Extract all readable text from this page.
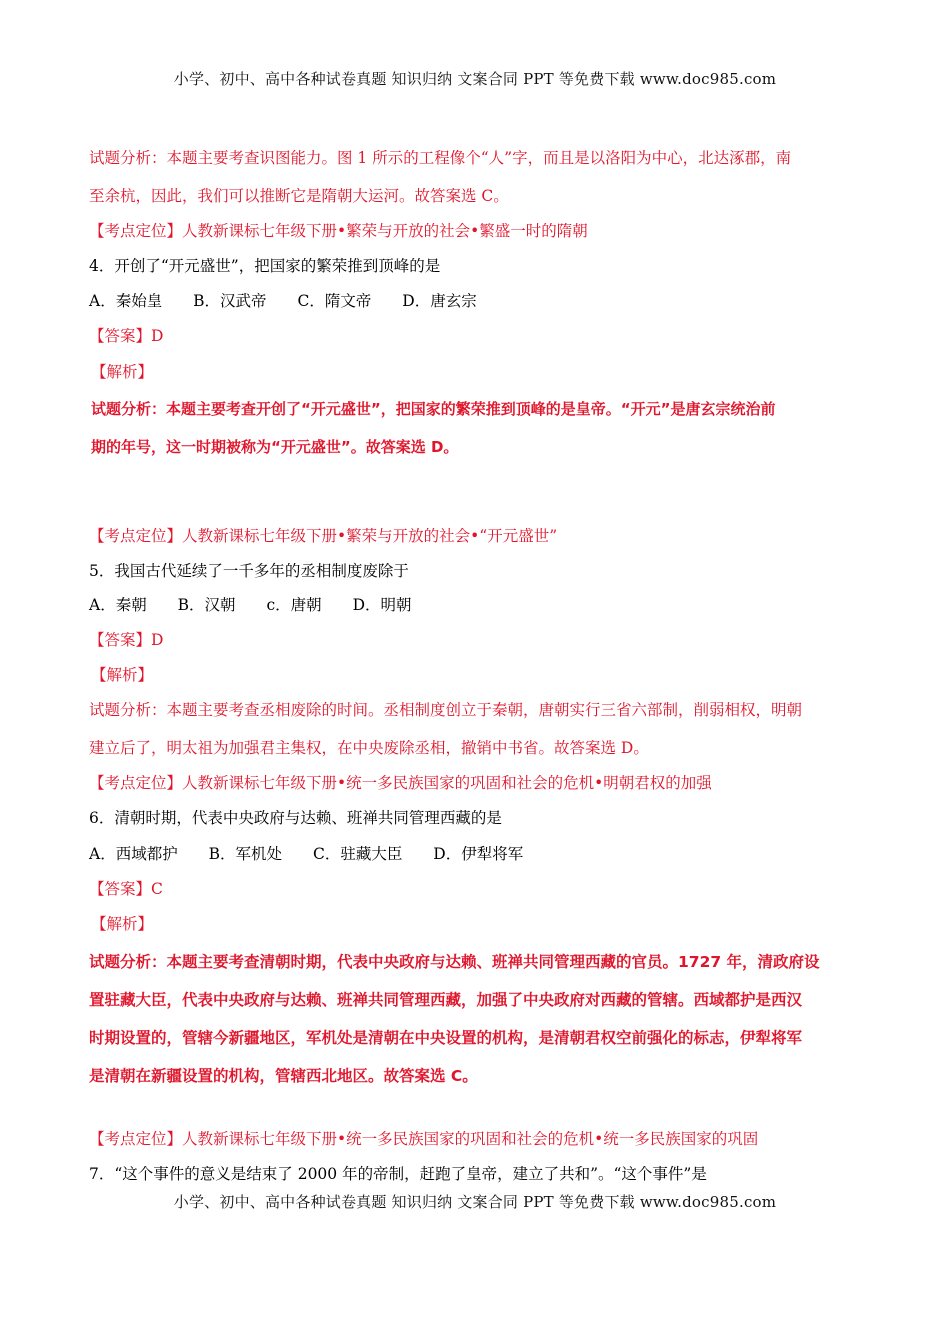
小学、初中、高中各种试卷真题 知识归纳 文案合同 PPT 等免费下载 www.doc985.com
试题分析：本题主要考查识图能力。图 1 所示的工程像个“人”字，而且是以洛阳为中心，北达涿郡，南
至余杭，因此，我们可以推断它是隋朝大运河。故答案选 C。
【考点定位】人教新课标七年级下册•繁荣与开放的社会•繁盛一时的隋朝
4．开创了“开元盛世”，把国家的繁荣推到顶峰的是
A．秦始皇 B．汉武帝 C．隋文帝 D．唐玄宗
【答案】D
【解析】
试题分析：本题主要考查开创了“开元盛世”，把国家的繁荣推到顶峰的是皇帝。“开元”是唐玄宗统治前
期的年号，这一时期被称为“开元盛世”。故答案选 D。
【考点定位】人教新课标七年级下册•繁荣与开放的社会•“开元盛世”
5．我国古代延续了一千多年的丞相制度废除于
A．秦朝 B．汉朝 c．唐朝 D．明朝
【答案】D
【解析】
试题分析：本题主要考查丞相废除的时间。丞相制度创立于秦朝，唐朝实行三省六部制，削弱相权，明朝
建立后了，明太祖为加强君主集权，在中央废除丞相，撤销中书省。故答案选 D。
【考点定位】人教新课标七年级下册•统一多民族国家的巩固和社会的危机•明朝君权的加强
6．清朝时期，代表中央政府与达赖、班禅共同管理西藏的是
A．西域都护 B．军机处 C．驻藏大臣 D．伊犁将军
【答案】C
【解析】
试题分析：本题主要考查清朝时期，代表中央政府与达赖、班禅共同管理西藏的官员。1727 年，清政府设
置驻藏大臣，代表中央政府与达赖、班禅共同管理西藏，加强了中央政府对西藏的管辖。西域都护是西汉
时期设置的，管辖今新疆地区，军机处是清朝在中央设置的机构，是清朝君权空前强化的标志，伊犁将军
是清朝在新疆设置的机构，管辖西北地区。故答案选 C。
【考点定位】人教新课标七年级下册•统一多民族国家的巩固和社会的危机•统一多民族国家的巩固
7．“这个事件的意义是结束了 2000 年的帝制，赶跑了皇帝，建立了共和”。“这个事件”是
小学、初中、高中各种试卷真题 知识归纳 文案合同 PPT 等免费下载 www.doc985.com
